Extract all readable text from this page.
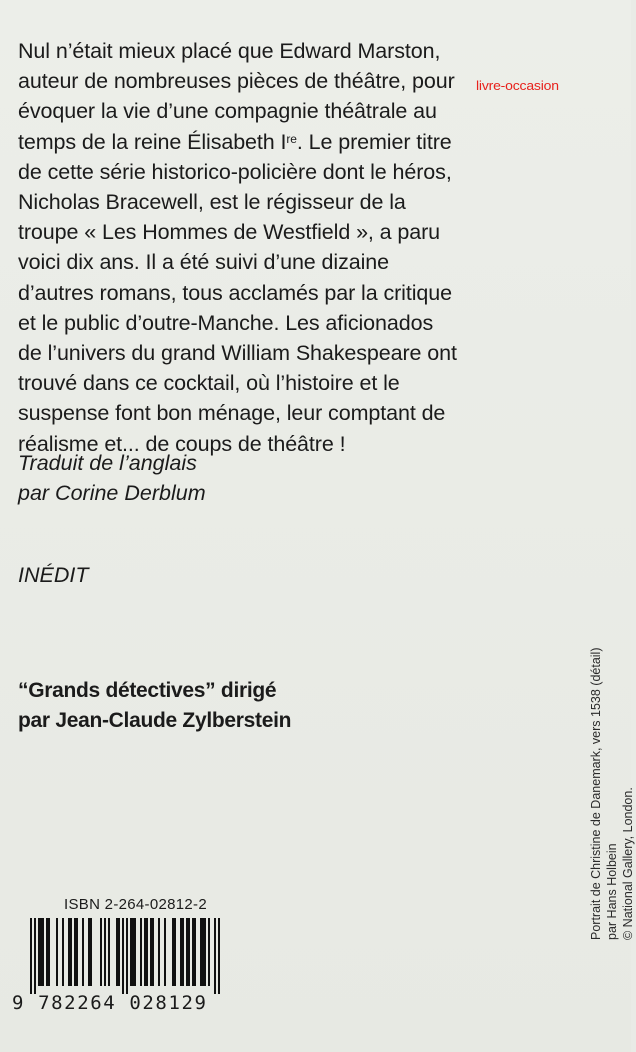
Nul n’était mieux placé que Edward Marston,
auteur de nombreuses pièces de théâtre, pour
évoquer la vie d’une compagnie théâtrale au
temps de la reine Élisabeth Ire. Le premier titre
de cette série historico-policière dont le héros,
Nicholas Bracewell, est le régisseur de la
troupe « Les Hommes de Westfield », a paru
voici dix ans. Il a été suivi d’une dizaine
d’autres romans, tous acclamés par la critique
et le public d’outre-Manche. Les aficionados
de l’univers du grand William Shakespeare ont
trouvé dans ce cocktail, où l’histoire et le
suspense font bon ménage, leur comptant de
réalisme et... de coups de théâtre !
livre-occasion
Traduit de l’anglais
par Corine Derblum
INÉDIT
“Grands détectives” dirigé
par Jean-Claude Zylberstein	Portrait de Christine de Danemark, vers 1538 (détail) par Hans Holbein © National Gallery, London.
ISBN 2-264-02812-2
9 782264 028129
